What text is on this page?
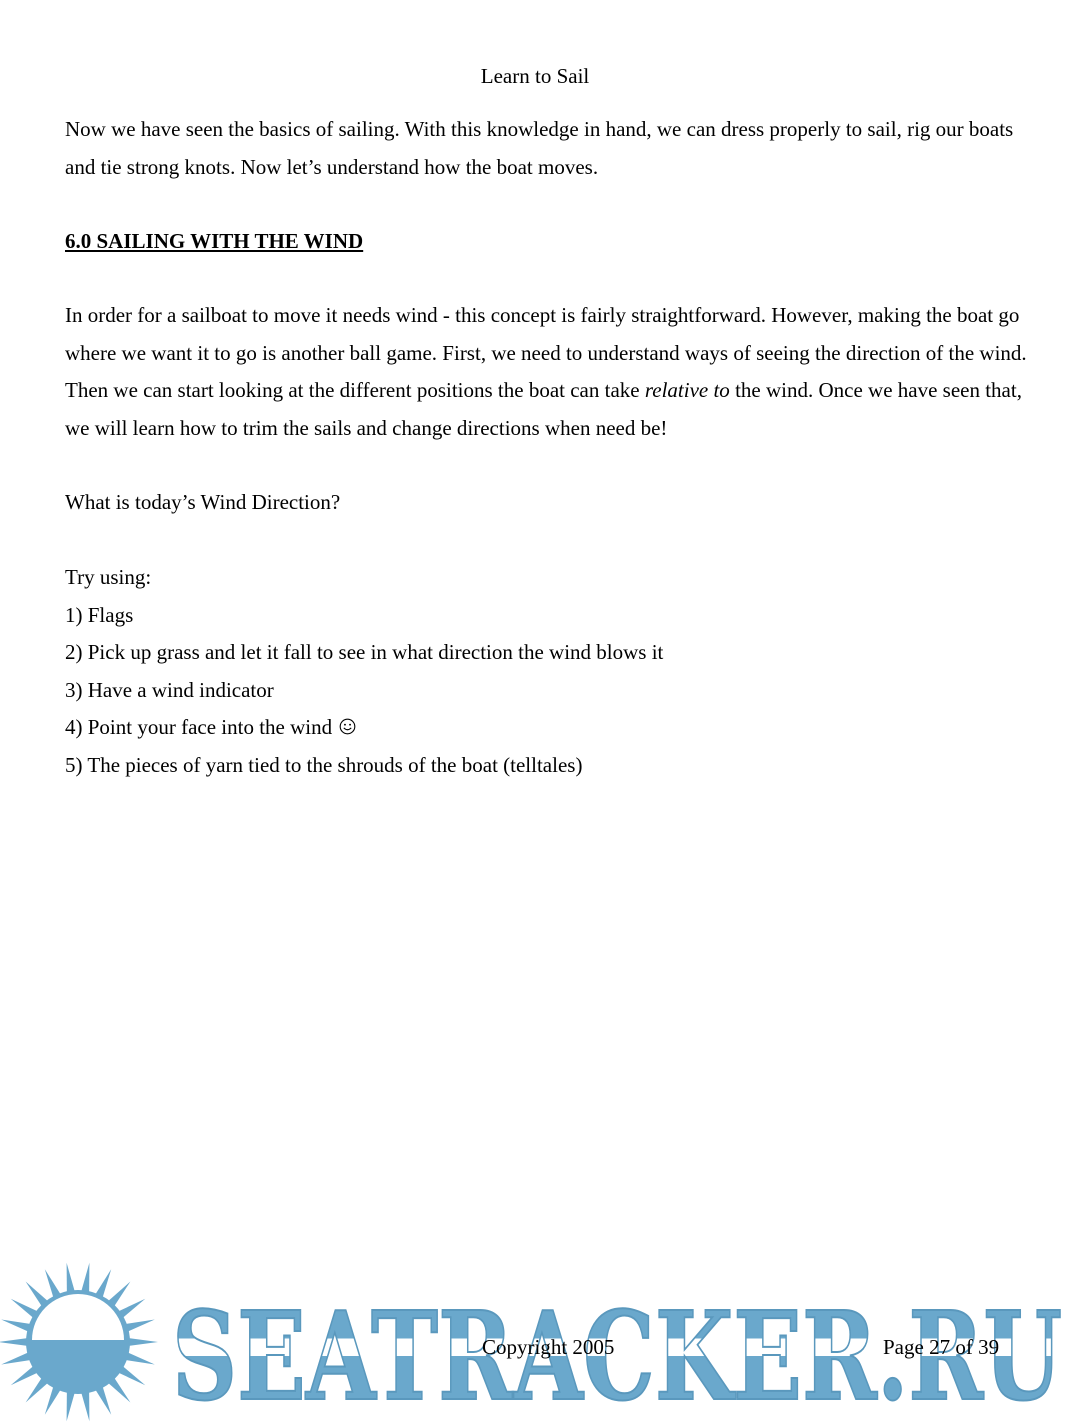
Learn to Sail
Now we have seen the basics of sailing. With this knowledge in hand, we can dress properly to sail, rig our boats and tie strong knots. Now let’s understand how the boat moves.
6.0 SAILING WITH THE WIND
In order for a sailboat to move it needs wind - this concept is fairly straightforward. However, making the boat go where we want it to go is another ball game. First, we need to understand ways of seeing the direction of the wind. Then we can start looking at the different positions the boat can take relative to the wind. Once we have seen that, we will learn how to trim the sails and change directions when need be!
What is today’s Wind Direction?
Try using:
1) Flags
2) Pick up grass and let it fall to see in what direction the wind blows it
3) Have a wind indicator
4) Point your face into the wind
5) The pieces of yarn tied to the shrouds of the boat (telltales)
SEATRACKER.RU
Copyright 2005	Page 27 of 39
